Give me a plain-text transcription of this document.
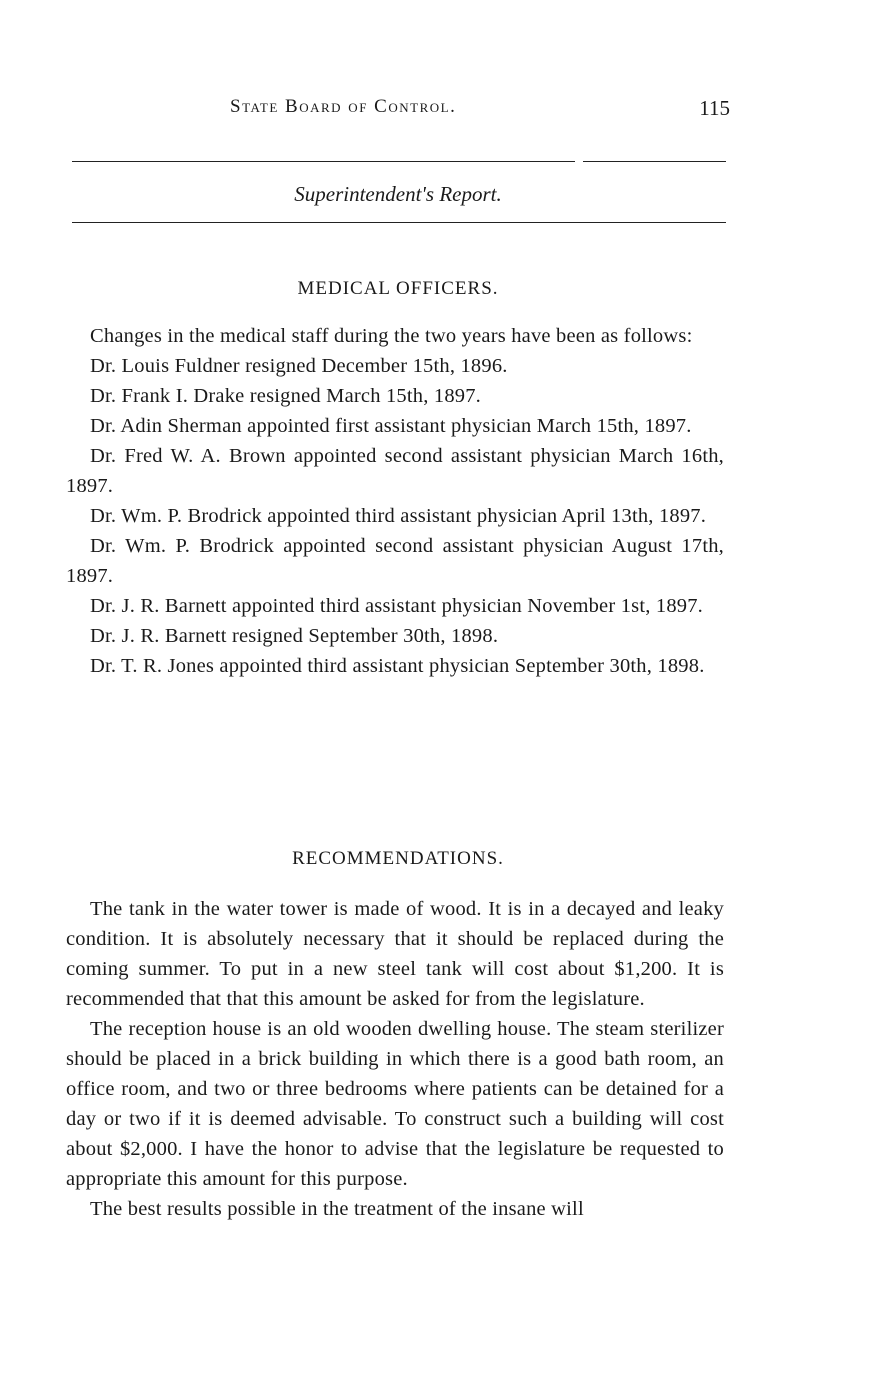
State Board of Control.	115
Superintendent's Report.
MEDICAL OFFICERS.

Changes in the medical staff during the two years have been as follows:

Dr. Louis Fuldner resigned December 15th, 1896.

Dr. Frank I. Drake resigned March 15th, 1897.

Dr. Adin Sherman appointed first assistant physician March 15th, 1897.

Dr. Fred W. A. Brown appointed second assistant physician March 16th, 1897.

Dr. Wm. P. Brodrick appointed third assistant physician April 13th, 1897.

Dr. Wm. P. Brodrick appointed second assistant physician August 17th, 1897.

Dr. J. R. Barnett appointed third assistant physician November 1st, 1897.

Dr. J. R. Barnett resigned September 30th, 1898.

Dr. T. R. Jones appointed third assistant physician September 30th, 1898.

RECOMMENDATIONS.

The tank in the water tower is made of wood. It is in a decayed and leaky condition. It is absolutely necessary that it should be replaced during the coming summer. To put in a new steel tank will cost about $1,200. It is recommended that that this amount be asked for from the legislature.

The reception house is an old wooden dwelling house. The steam sterilizer should be placed in a brick building in which there is a good bath room, an office room, and two or three bedrooms where patients can be detained for a day or two if it is deemed advisable. To construct such a building will cost about $2,000. I have the honor to advise that the legislature be requested to appropriate this amount for this purpose.

The best results possible in the treatment of the insane will
